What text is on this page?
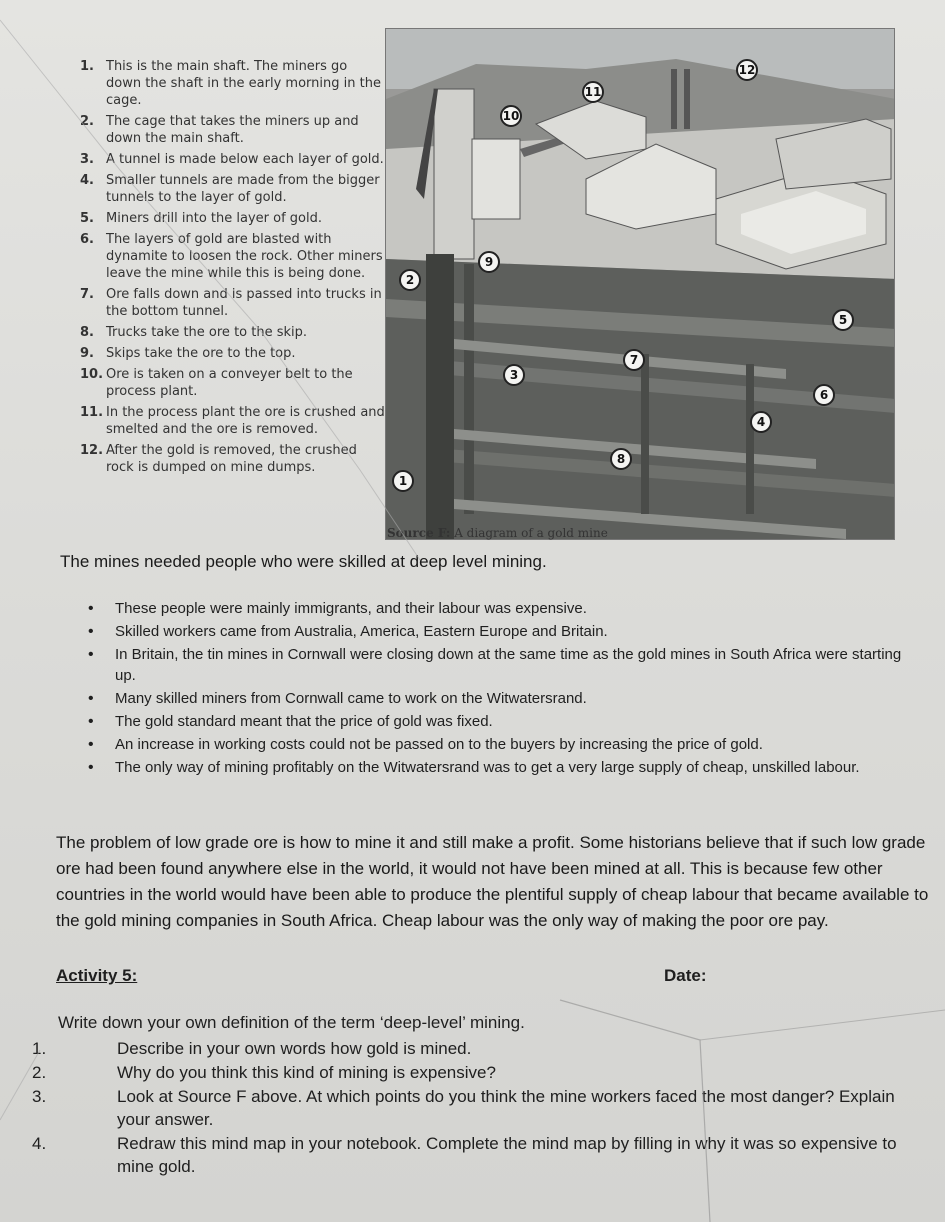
1. This is the main shaft. The miners go down the shaft in the early morning in the cage.
2. The cage that takes the miners up and down the main shaft.
3. A tunnel is made below each layer of gold.
4. Smaller tunnels are made from the bigger tunnels to the layer of gold.
5. Miners drill into the layer of gold.
6. The layers of gold are blasted with dynamite to loosen the rock. Other miners leave the mine while this is being done.
7. Ore falls down and is passed into trucks in the bottom tunnel.
8. Trucks take the ore to the skip.
9. Skips take the ore to the top.
10. Ore is taken on a conveyer belt to the process plant.
11. In the process plant the ore is crushed and smelted and the ore is removed.
12. After the gold is removed, the crushed rock is dumped on mine dumps.
12
11
10
9
2
5
7
3
6
4
8
1
Source F: A diagram of a gold mine
The mines needed people who were skilled at deep level mining.
•	These people were mainly immigrants, and their labour was expensive.
•	Skilled workers came from Australia, America, Eastern Europe and Britain.
•	In Britain, the tin mines in Cornwall were closing down at the same time as the gold mines in South Africa were starting up.
•	Many skilled miners from Cornwall came to work on the Witwatersrand.
•	The gold standard meant that the price of gold was fixed.
•	An increase in working costs could not be passed on to the buyers by increasing the price of gold.
•	The only way of mining profitably on the Witwatersrand was to get a very large supply of cheap, unskilled labour.

The problem of low grade ore is how to mine it and still make a profit. Some historians believe that if such low grade ore had been found anywhere else in the world, it would not have been mined at all. This is because few other countries in the world would have been able to produce the plentiful supply of cheap labour that became available to the gold mining companies in South Africa. Cheap labour was the only way of making the poor ore pay.

Activity 5:	Date:
Write down your own definition of the term ‘deep-level’ mining.
1.	Describe in your own words how gold is mined.
2.	Why do you think this kind of mining is expensive?
3.	Look at Source F above. At which points do you think the mine workers faced the most danger? Explain your answer.
4.	Redraw this mind map in your notebook. Complete the mind map by filling in why it was so expensive to mine gold.
